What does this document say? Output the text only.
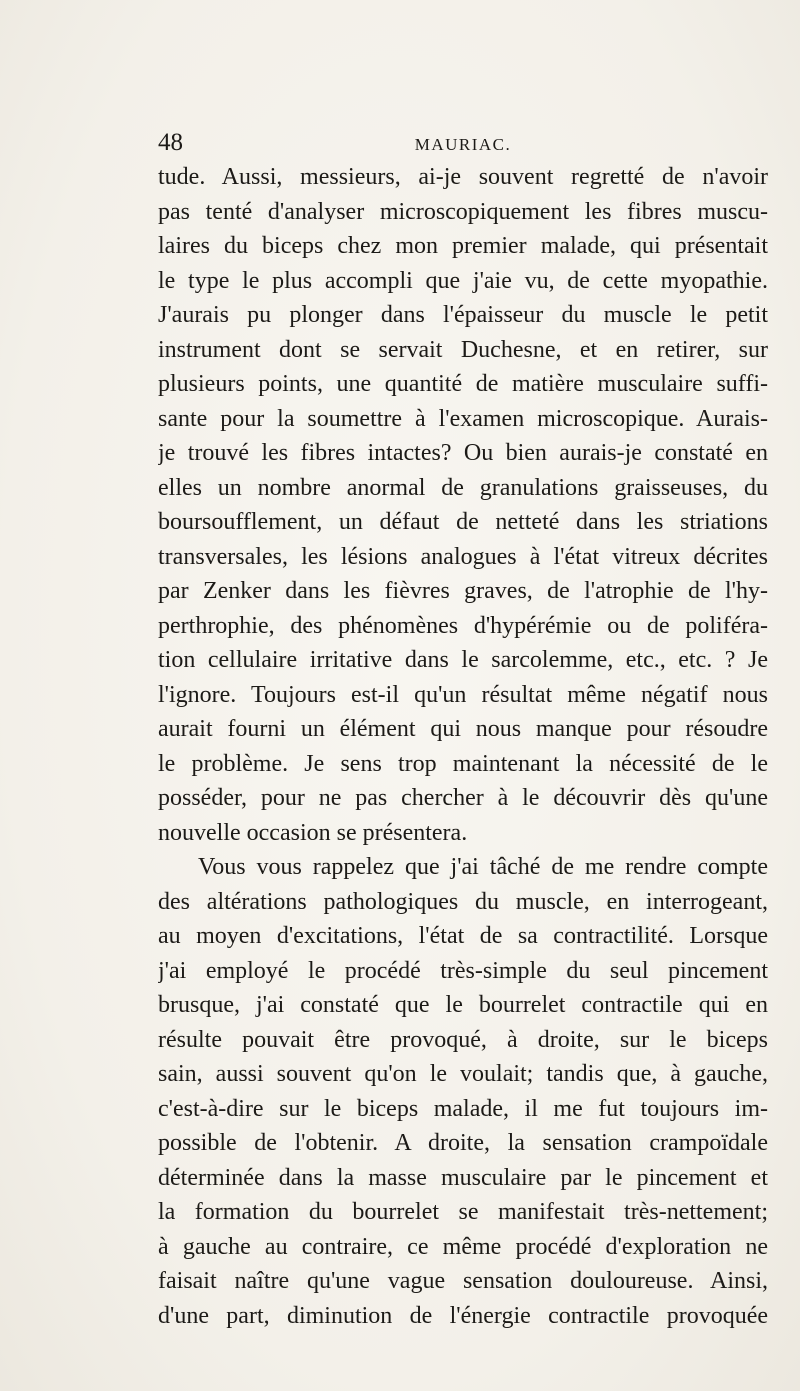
48	MAURIAC.
tude. Aussi, messieurs, ai-je souvent regretté de n'avoir
pas tenté d'analyser microscopiquement les fibres muscu-
laires du biceps chez mon premier malade, qui présentait
le type le plus accompli que j'aie vu, de cette myopathie.
J'aurais pu plonger dans l'épaisseur du muscle le petit
instrument dont se servait Duchesne, et en retirer, sur
plusieurs points, une quantité de matière musculaire suffi-
sante pour la soumettre à l'examen microscopique. Aurais-
je trouvé les fibres intactes? Ou bien aurais-je constaté en
elles un nombre anormal de granulations graisseuses, du
boursoufflement, un défaut de netteté dans les striations
transversales, les lésions analogues à l'état vitreux décrites
par Zenker dans les fièvres graves, de l'atrophie de l'hy-
perthrophie, des phénomènes d'hypérémie ou de poliféra-
tion cellulaire irritative dans le sarcolemme, etc., etc. ? Je
l'ignore. Toujours est-il qu'un résultat même négatif nous
aurait fourni un élément qui nous manque pour résoudre
le problème. Je sens trop maintenant la nécessité de le
posséder, pour ne pas chercher à le découvrir dès qu'une
nouvelle occasion se présentera.
Vous vous rappelez que j'ai tâché de me rendre compte
des altérations pathologiques du muscle, en interrogeant,
au moyen d'excitations, l'état de sa contractilité. Lorsque
j'ai employé le procédé très-simple du seul pincement
brusque, j'ai constaté que le bourrelet contractile qui en
résulte pouvait être provoqué, à droite, sur le biceps
sain, aussi souvent qu'on le voulait; tandis que, à gauche,
c'est-à-dire sur le biceps malade, il me fut toujours im-
possible de l'obtenir. A droite, la sensation crampoïdale
déterminée dans la masse musculaire par le pincement et
la formation du bourrelet se manifestait très-nettement;
à gauche au contraire, ce même procédé d'exploration ne
faisait naître qu'une vague sensation douloureuse. Ainsi,
d'une part, diminution de l'énergie contractile provoquée
